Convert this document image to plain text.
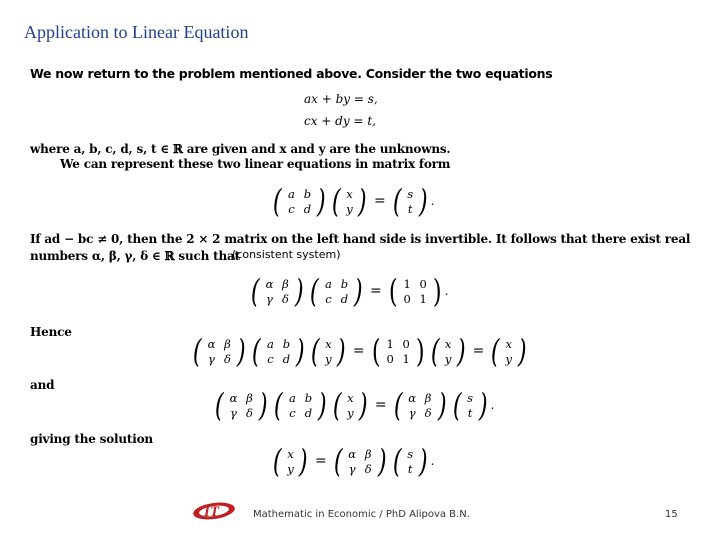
Application to Linear Equation
We now return to the problem mentioned above. Consider the two equations
ax + by = s,
cx + dy = t,
where a, b, c, d, s, t ∈ ℝ are given and x and y are the unknowns.
We can represent these two linear equations in matrix form
( a b
c d ) ( x
y ) = ( s
t ) .
If ad − bc ≠ 0, then the 2 × 2 matrix on the left hand side is invertible. It follows that there exist real
numbers α, β, γ, δ ∈ ℝ such that
(consistent system)
( α β
γ δ ) ( a b
c d ) = ( 1 0
0 1 ) .
Hence	( α β
γ δ ) ( a b
c d ) ( x
y ) = ( 1 0
0 1 ) ( x
y ) = ( x
y )
and
( α β
γ δ ) ( a b
c d ) ( x
y ) = ( α β
γ δ ) ( s
t ) .
giving the solution
( x
y ) = ( α β
γ δ ) ( s
t ) .
IT	Mathematic in Economic / PhD Alipova B.N.	15
